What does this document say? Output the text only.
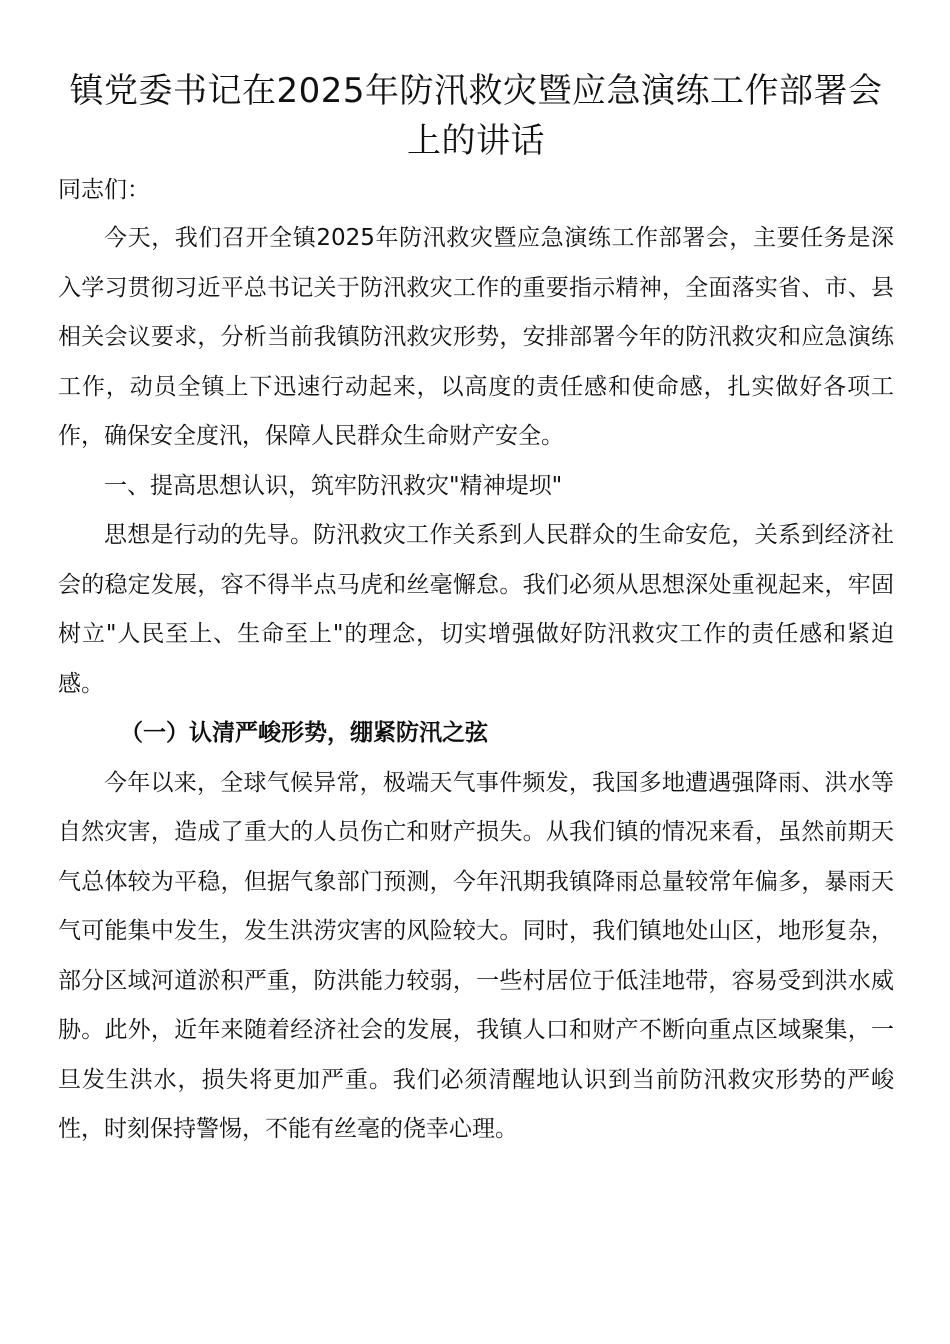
镇党委书记在2025年防汛救灾暨应急演练工作部署会上的讲话

同志们：

今天，我们召开全镇2025年防汛救灾暨应急演练工作部署会，主要任务是深入学习贯彻习近平总书记关于防汛救灾工作的重要指示精神，全面落实省、市、县相关会议要求，分析当前我镇防汛救灾形势，安排部署今年的防汛救灾和应急演练工作，动员全镇上下迅速行动起来，以高度的责任感和使命感，扎实做好各项工作，确保安全度汛，保障人民群众生命财产安全。

一、提高思想认识，筑牢防汛救灾"精神堤坝"

思想是行动的先导。防汛救灾工作关系到人民群众的生命安危，关系到经济社会的稳定发展，容不得半点马虎和丝毫懈怠。我们必须从思想深处重视起来，牢固树立"人民至上、生命至上"的理念，切实增强做好防汛救灾工作的责任感和紧迫感。

（一）认清严峻形势，绷紧防汛之弦

今年以来，全球气候异常，极端天气事件频发，我国多地遭遇强降雨、洪水等自然灾害，造成了重大的人员伤亡和财产损失。从我们镇的情况来看，虽然前期天气总体较为平稳，但据气象部门预测，今年汛期我镇降雨总量较常年偏多，暴雨天气可能集中发生，发生洪涝灾害的风险较大。同时，我们镇地处山区，地形复杂，部分区域河道淤积严重，防洪能力较弱，一些村居位于低洼地带，容易受到洪水威胁。此外，近年来随着经济社会的发展，我镇人口和财产不断向重点区域聚集，一旦发生洪水，损失将更加严重。我们必须清醒地认识到当前防汛救灾形势的严峻性，时刻保持警惕，不能有丝毫的侥幸心理。
